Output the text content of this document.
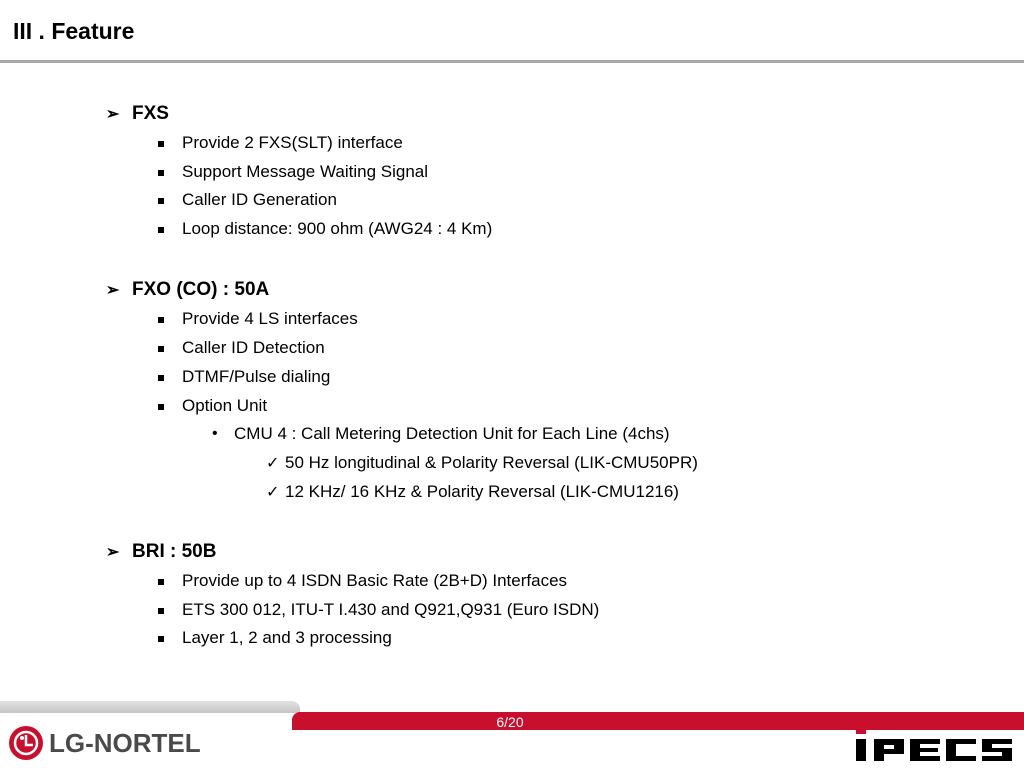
III . Feature
➢ FXS
Provide 2 FXS(SLT) interface
Support Message Waiting Signal
Caller ID Generation
Loop distance: 900 ohm (AWG24 : 4 Km)
➢ FXO (CO) : 50A
Provide 4 LS interfaces
Caller ID Detection
DTMF/Pulse dialing
Option Unit
• CMU 4 : Call Metering Detection Unit for Each Line (4chs)
✓ 50 Hz longitudinal & Polarity Reversal (LIK-CMU50PR)
✓ 12 KHz/ 16 KHz & Polarity Reversal (LIK-CMU1216)
➢ BRI : 50B
Provide up to 4 ISDN Basic Rate (2B+D) Interfaces
ETS 300 012, ITU-T I.430 and Q921,Q931 (Euro ISDN)
Layer 1, 2 and 3 processing
6/20
LG-NORTEL
